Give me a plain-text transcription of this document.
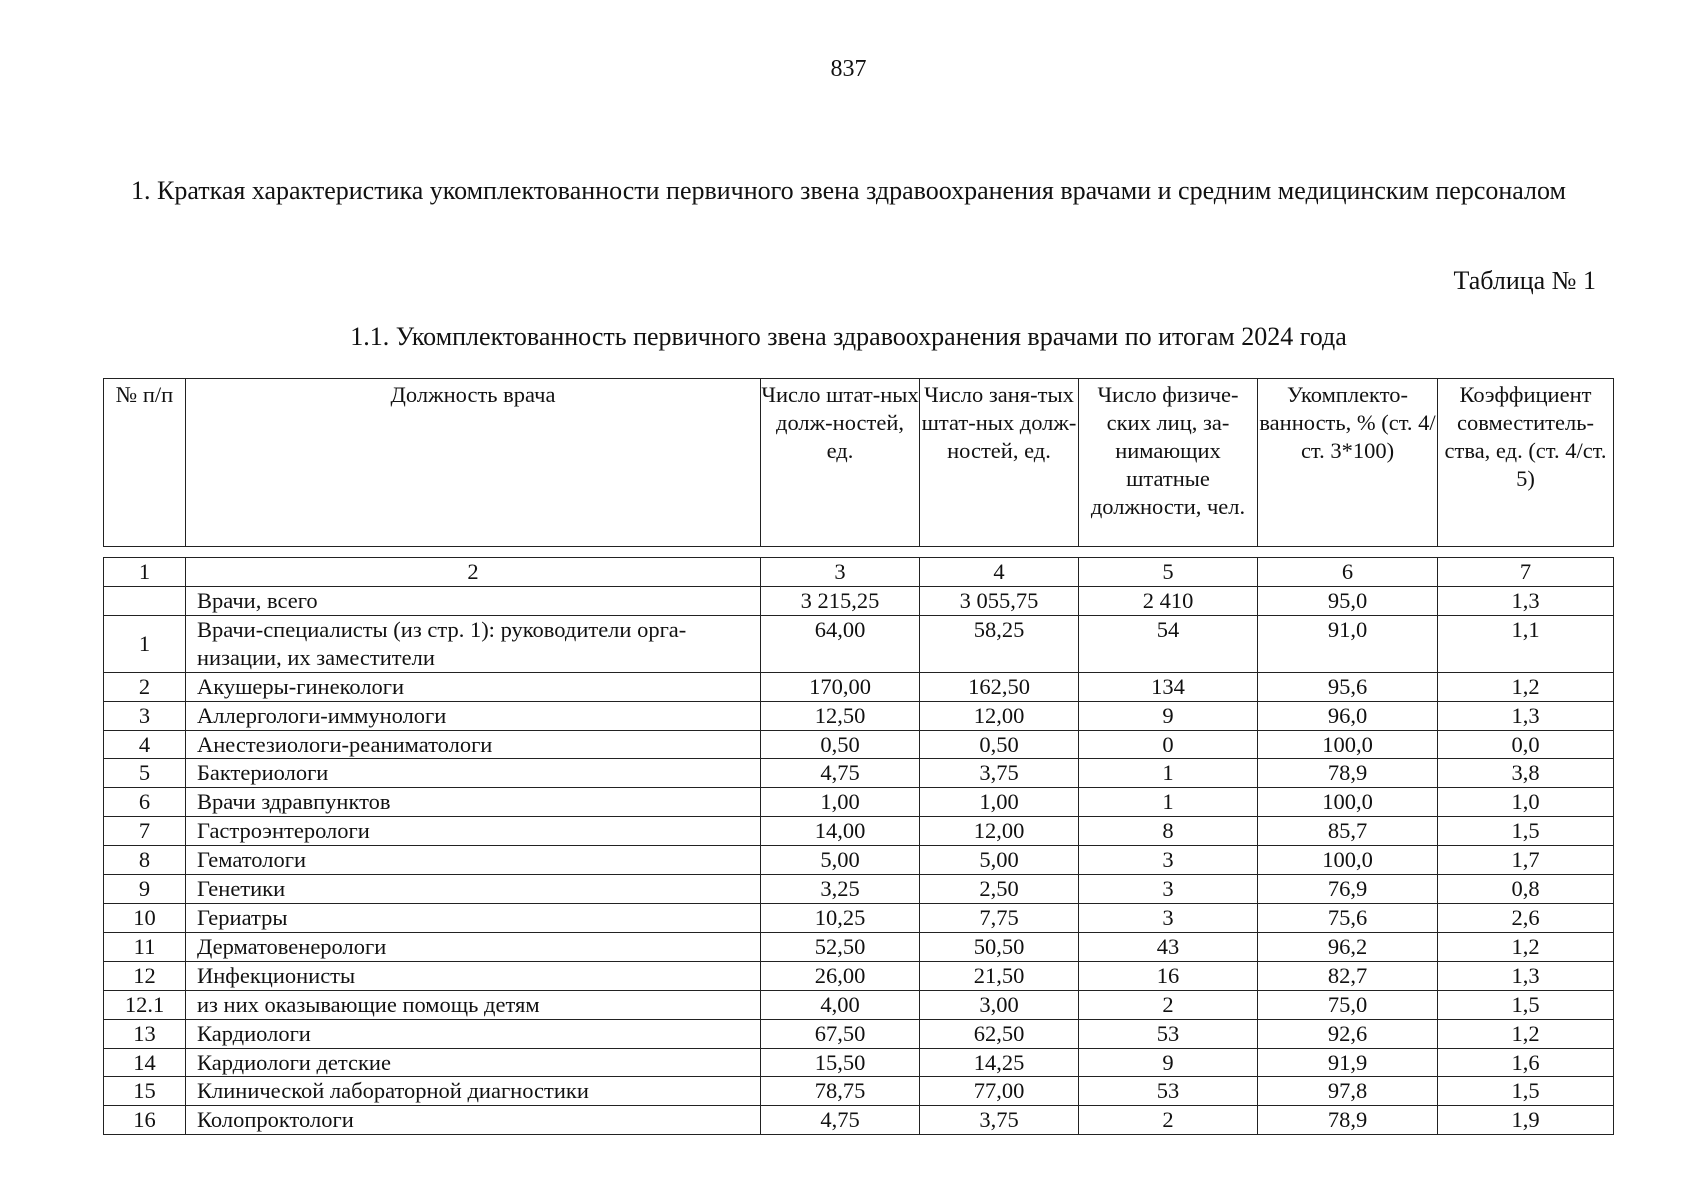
837
1. Краткая характеристика укомплектованности первичного звена здравоохранения врачами и средним медицинским персоналом
Таблица № 1
1.1. Укомплектованность первичного звена здравоохранения врачами по итогам 2024 года
№ п/п	Должность врача	Число штат-ных долж-ностей, ед.	Число заня-тых штат-ных долж-ностей, ед.	Число физиче-ских лиц, за-нимающих штатные должности, чел.	Укомплекто-ванность, % (ст. 4/ ст. 3*100)	Коэффициент совместитель-ства, ед. (ст. 4/ст. 5)
1	2	3	4	5	6	7
	Врачи, всего	3 215,25	3 055,75	2 410	95,0	1,3
1	Врачи-специалисты (из стр. 1): руководители орга-низации, их заместители	64,00	58,25	54	91,0	1,1
2	Акушеры-гинекологи	170,00	162,50	134	95,6	1,2
3	Аллергологи-иммунологи	12,50	12,00	9	96,0	1,3
4	Анестезиологи-реаниматологи	0,50	0,50	0	100,0	0,0
5	Бактериологи	4,75	3,75	1	78,9	3,8
6	Врачи здравпунктов	1,00	1,00	1	100,0	1,0
7	Гастроэнтерологи	14,00	12,00	8	85,7	1,5
8	Гематологи	5,00	5,00	3	100,0	1,7
9	Генетики	3,25	2,50	3	76,9	0,8
10	Гериатры	10,25	7,75	3	75,6	2,6
11	Дерматовенерологи	52,50	50,50	43	96,2	1,2
12	Инфекционисты	26,00	21,50	16	82,7	1,3
12.1	из них оказывающие помощь детям	4,00	3,00	2	75,0	1,5
13	Кардиологи	67,50	62,50	53	92,6	1,2
14	Кардиологи детские	15,50	14,25	9	91,9	1,6
15	Клинической лабораторной диагностики	78,75	77,00	53	97,8	1,5
16	Колопроктологи	4,75	3,75	2	78,9	1,9
